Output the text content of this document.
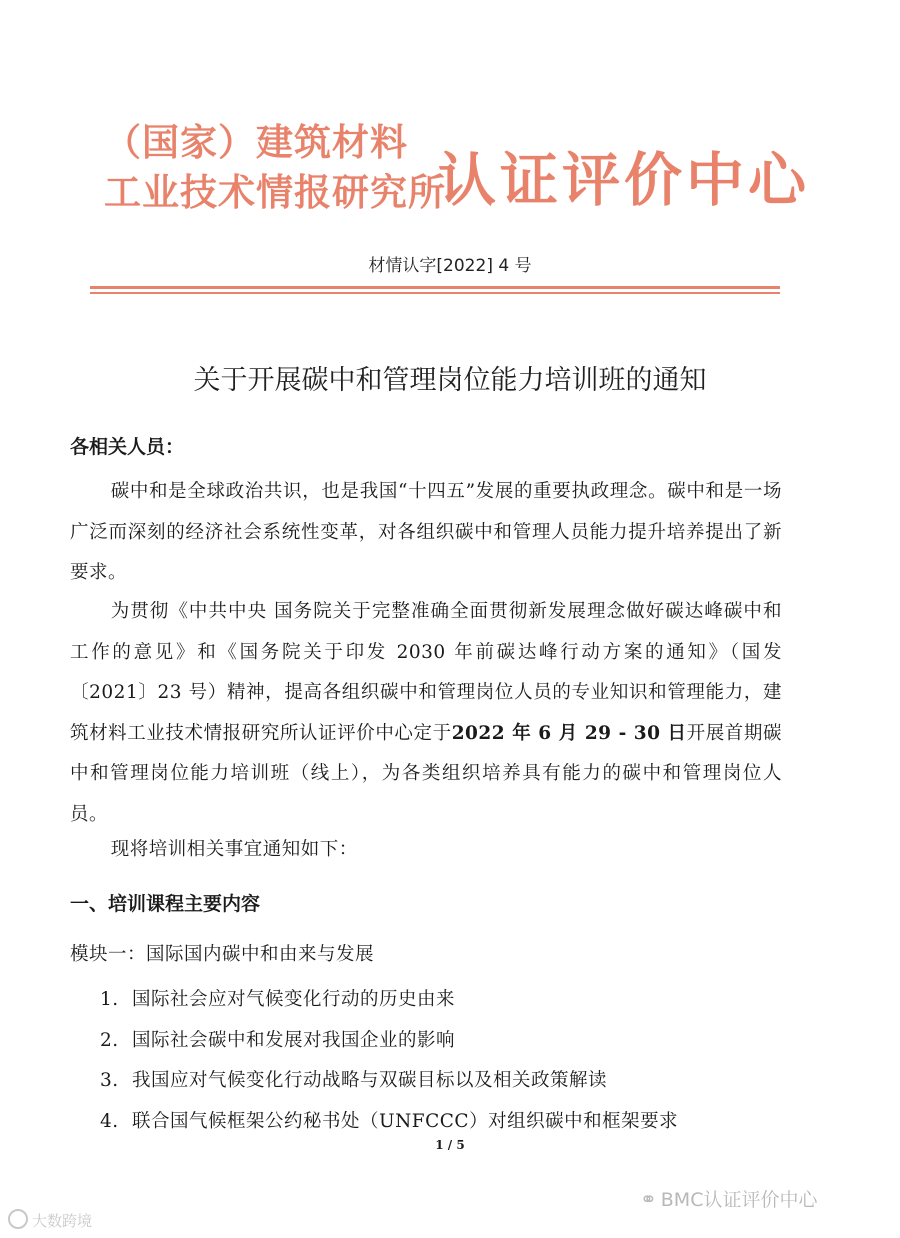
（国家）建筑材料
工业技术情报研究所
认证评价中心
材情认字[2022] 4 号
关于开展碳中和管理岗位能力培训班的通知
各相关人员：
碳中和是全球政治共识，也是我国“十四五”发展的重要执政理念。碳中和是一场广泛而深刻的经济社会系统性变革，对各组织碳中和管理人员能力提升培养提出了新要求。
为贯彻《中共中央 国务院关于完整准确全面贯彻新发展理念做好碳达峰碳中和工作的意见》和《国务院关于印发 2030 年前碳达峰行动方案的通知》（国发〔2021〕23 号）精神，提高各组织碳中和管理岗位人员的专业知识和管理能力，建筑材料工业技术情报研究所认证评价中心定于2022 年 6 月 29 - 30 日开展首期碳中和管理岗位能力培训班（线上），为各类组织培养具有能力的碳中和管理岗位人员。
现将培训相关事宜通知如下：
一、培训课程主要内容
模块一：国际国内碳中和由来与发展
1. 国际社会应对气候变化行动的历史由来
2. 国际社会碳中和发展对我国企业的影响
3. 我国应对气候变化行动战略与双碳目标以及相关政策解读
4. 联合国气候框架公约秘书处（UNFCCC）对组织碳中和框架要求
1 / 5
⚭ BMC认证评价中心
大数跨境
